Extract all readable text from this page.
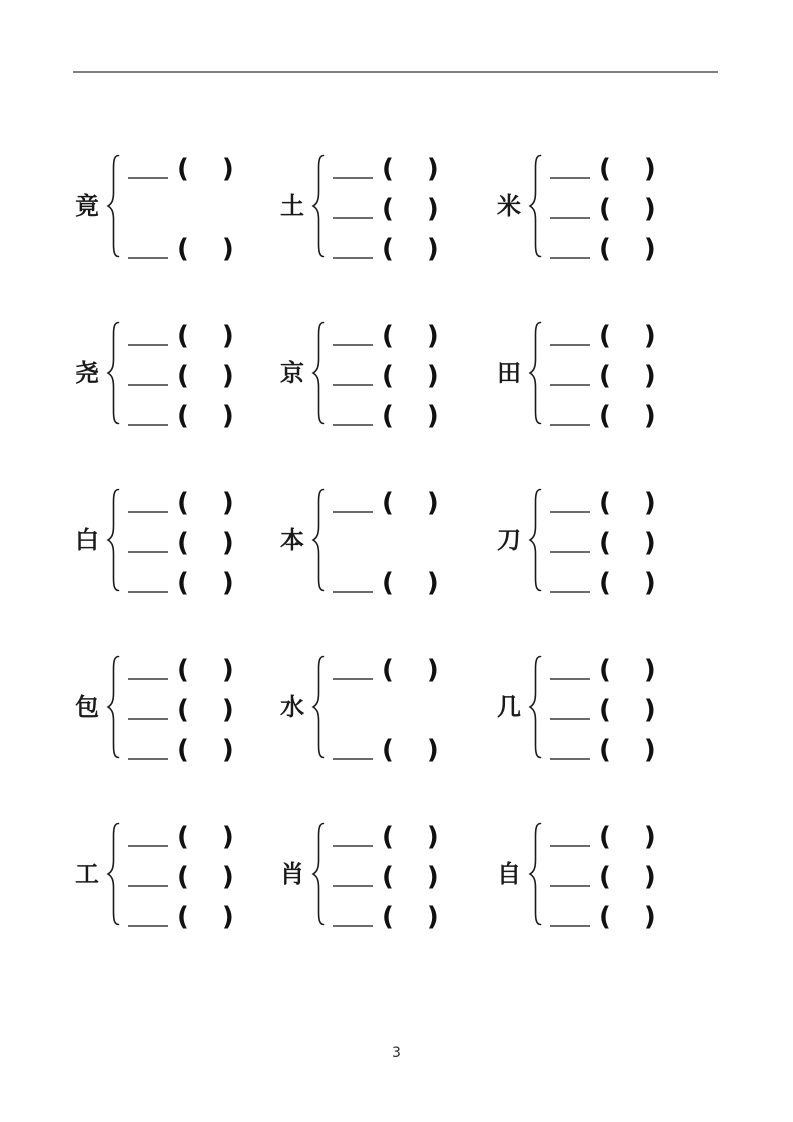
竟
( )
( )
土
( )
( )
( )
米
( )
( )
( )
尧
( )
( )
( )
京
( )
( )
( )
田
( )
( )
( )
白
( )
( )
( )
本
( )
( )
刀
( )
( )
( )
包
( )
( )
( )
水
( )
( )
几
( )
( )
( )
工
( )
( )
( )
肖
( )
( )
( )
自
( )
( )
( )
3
